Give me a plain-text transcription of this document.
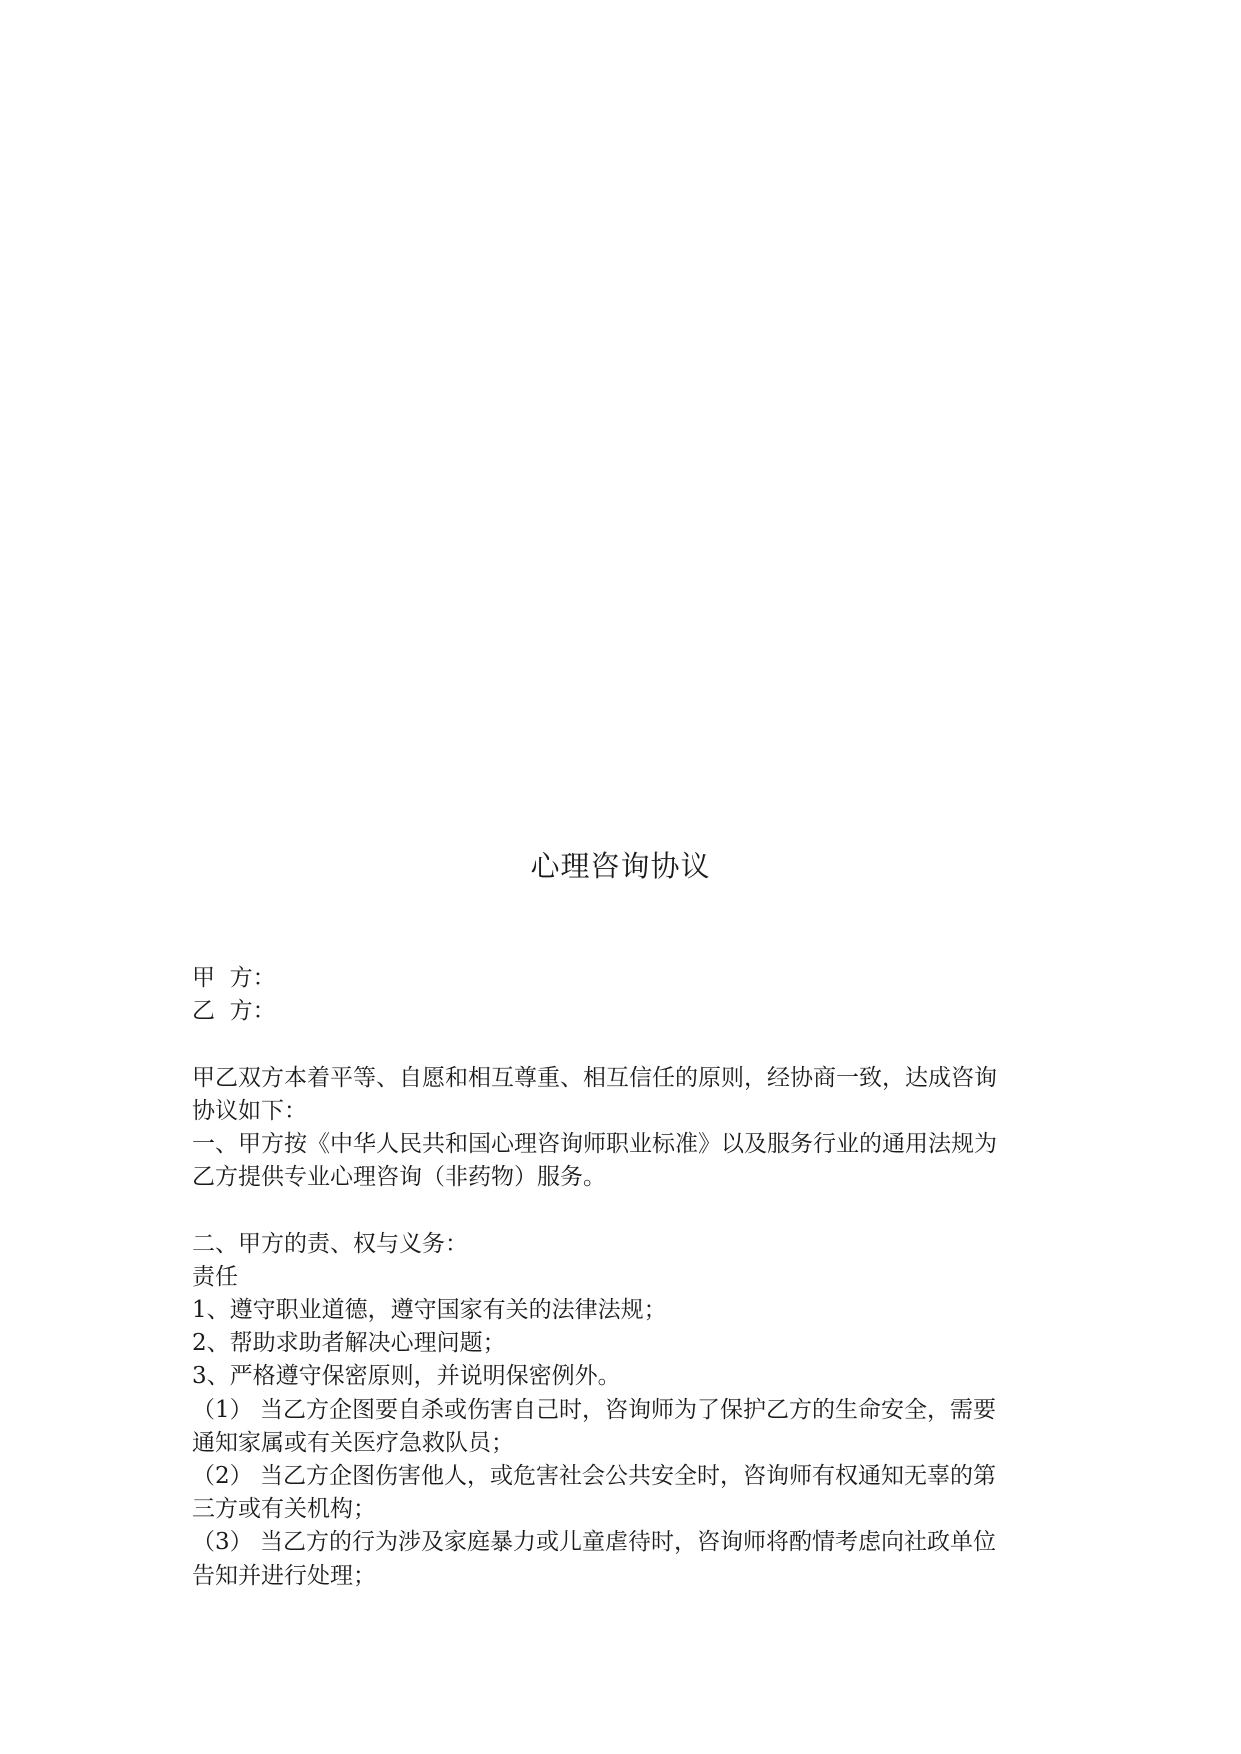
心理咨询协议
甲  方：
乙  方：
甲乙双方本着平等、自愿和相互尊重、相互信任的原则，经协商一致，达成咨询
协议如下：
一、甲方按《中华人民共和国心理咨询师职业标准》以及服务行业的通用法规为
乙方提供专业心理咨询（非药物）服务。
二、甲方的责、权与义务：
责任
1、遵守职业道德，遵守国家有关的法律法规；
2、帮助求助者解决心理问题；
3、严格遵守保密原则，并说明保密例外。
（1） 当乙方企图要自杀或伤害自己时，咨询师为了保护乙方的生命安全，需要
通知家属或有关医疗急救队员；
（2） 当乙方企图伤害他人，或危害社会公共安全时，咨询师有权通知无辜的第
三方或有关机构；
（3） 当乙方的行为涉及家庭暴力或儿童虐待时，咨询师将酌情考虑向社政单位
告知并进行处理；
